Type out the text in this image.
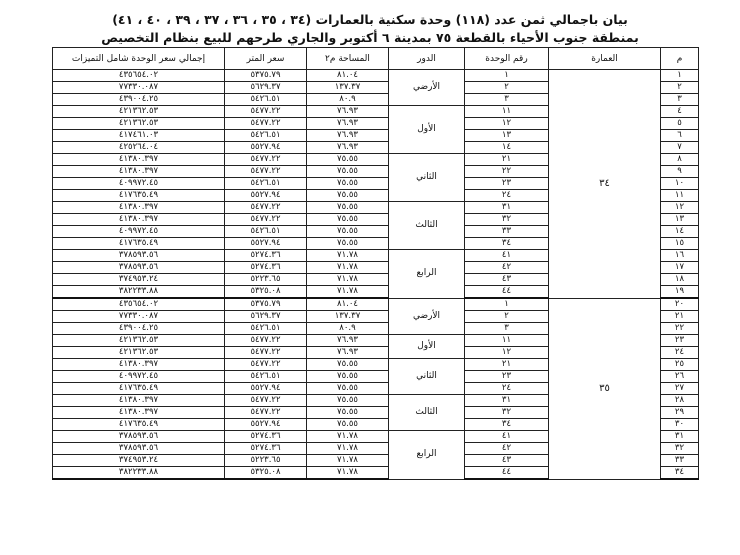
بيان باجمالي ثمن عدد (١١٨) وحدة سكنية بالعمارات (٣٤ ، ٣٥ ، ٣٦ ، ٣٧ ، ٣٩ ، ٤٠ ، ٤١)
بمنطقة جنوب الأحياء بالقطعة ٧٥ بمدينة ٦ أكتوبر والجاري طرحهم للبيع بنظام التخصيص
م	العمارة	رقم الوحدة	الدور	المساحة م٢	سعر المتر	إجمالي سعر الوحدة شامل التميزات
١	٣٤	١	الأرضي	٨١.٠٤	٥٣٧٥.٧٩	٤٣٥٦٥٤.٠٢
٢		٢		١٣٧.٣٧	٥٦٢٩.٣٧	٧٧٣٣٠.٠٨٧
٣		٣		٨٠.٩	٥٤٢٦.٥١	٤٣٩٠٠٤.٢٥
٤		١١	الأول	٧٦.٩٣	٥٤٧٧.٢٢	٤٢١٣٦٢.٥٣
٥		١٢		٧٦.٩٣	٥٤٧٧.٢٢	٤٢١٣٦٢.٥٣
٦		١٣		٧٦.٩٣	٥٤٢٦.٥١	٤١٧٤٦١.٠٣
٧		١٤		٧٦.٩٣	٥٥٢٧.٩٤	٤٢٥٢٦٤.٠٤
٨		٢١	الثاني	٧٥.٥٥	٥٤٧٧.٢٢	٤١٣٨٠.٣٩٧
٩		٢٢		٧٥.٥٥	٥٤٧٧.٢٢	٤١٣٨٠.٣٩٧
١٠		٢٣		٧٥.٥٥	٥٤٢٦.٥١	٤٠٩٩٧٢.٤٥
١١		٢٤		٧٥.٥٥	٥٥٢٧.٩٤	٤١٧٦٣٥.٤٩
١٢		٣١	الثالث	٧٥.٥٥	٥٤٧٧.٢٢	٤١٣٨٠.٣٩٧
١٣		٣٢		٧٥.٥٥	٥٤٧٧.٢٢	٤١٣٨٠.٣٩٧
١٤		٣٣		٧٥.٥٥	٥٤٢٦.٥١	٤٠٩٩٧٢.٤٥
١٥		٣٤		٧٥.٥٥	٥٥٢٧.٩٤	٤١٧٦٣٥.٤٩
١٦		٤١	الرابع	٧١.٧٨	٥٢٧٤.٣٦	٣٧٨٥٩٣.٥٦
١٧		٤٢		٧١.٧٨	٥٢٧٤.٣٦	٣٧٨٥٩٣.٥٦
١٨		٤٣		٧١.٧٨	٥٢٢٣.٦٥	٣٧٤٩٥٣.٢٤
١٩		٤٤		٧١.٧٨	٥٣٢٥.٠٨	٣٨٢٢٣٣.٨٨
٢٠	٣٥	١	الأرضي	٨١.٠٤	٥٣٧٥.٧٩	٤٣٥٦٥٤.٠٢
٢١		٢		١٣٧.٣٧	٥٦٢٩.٣٧	٧٧٣٣٠.٠٨٧
٢٢		٣		٨٠.٩	٥٤٢٦.٥١	٤٣٩٠٠٤.٢٥
٢٣		١١	الأول	٧٦.٩٣	٥٤٧٧.٢٢	٤٢١٣٦٢.٥٣
٢٤		١٢		٧٦.٩٣	٥٤٧٧.٢٢	٤٢١٣٦٢.٥٣
٢٥		٢١	الثاني	٧٥.٥٥	٥٤٧٧.٢٢	٤١٣٨٠.٣٩٧
٢٦		٢٣		٧٥.٥٥	٥٤٢٦.٥١	٤٠٩٩٧٢.٤٥
٢٧		٢٤		٧٥.٥٥	٥٥٢٧.٩٤	٤١٧٦٣٥.٤٩
٢٨		٣١	الثالث	٧٥.٥٥	٥٤٧٧.٢٢	٤١٣٨٠.٣٩٧
٢٩		٣٢		٧٥.٥٥	٥٤٧٧.٢٢	٤١٣٨٠.٣٩٧
٣٠		٣٤		٧٥.٥٥	٥٥٢٧.٩٤	٤١٧٦٣٥.٤٩
٣١		٤١	الرابع	٧١.٧٨	٥٢٧٤.٣٦	٣٧٨٥٩٣.٥٦
٣٢		٤٢		٧١.٧٨	٥٢٧٤.٣٦	٣٧٨٥٩٣.٥٦
٣٣		٤٣		٧١.٧٨	٥٢٢٣.٦٥	٣٧٤٩٥٣.٢٤
٣٤		٤٤		٧١.٧٨	٥٣٢٥.٠٨	٣٨٢٢٣٣.٨٨
